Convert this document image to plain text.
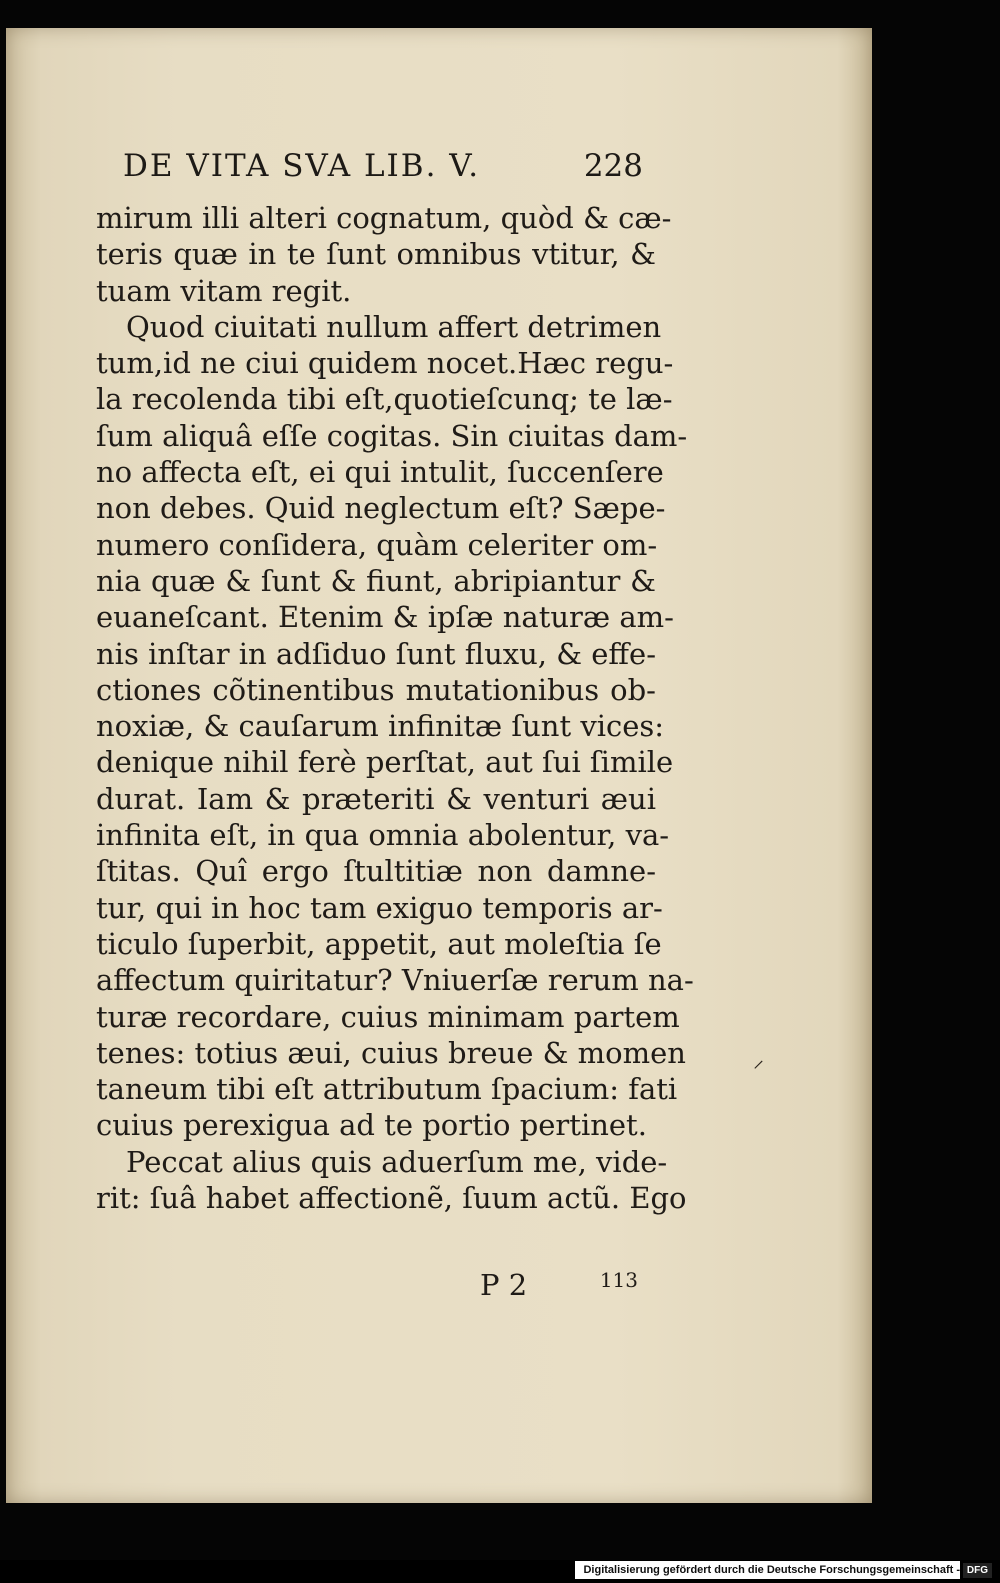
DE VITA SVA LIB. V.	228
mirum illi alteri cognatum, quòd & cæ-
teris quæ in te ſunt omnibus vtitur, &
tuam vitam regit.
Quod ciuitati nullum affert detrimen
tum,id ne ciui quidem nocet.Hæc regu-
la recolenda tibi eſt,quotieſcunq; te læ-
ſum aliquâ eſſe cogitas. Sin ciuitas dam-
no affecta eſt, ei qui intulit, ſuccenſere
non debes. Quid neglectum eſt? Sæpe-
numero conſidera, quàm celeriter om-
nia quæ & ſunt & fiunt, abripiantur &
euaneſcant. Etenim & ipſæ naturæ am-
nis inſtar in adſiduo ſunt fluxu, & effe-
ctiones cõtinentibus mutationibus ob-
noxiæ, & cauſarum infinitæ ſunt vices:
denique nihil ferè perſtat, aut ſui ſimile
durat. Iam & præteriti & venturi æui
infinita eſt, in qua omnia abolentur, va-
ſtitas. Quî ergo ſtultitiæ non damne-
tur, qui in hoc tam exiguo temporis ar-
ticulo ſuperbit, appetit, aut moleſtia ſe
affectum quiritatur? Vniuerſæ rerum na-
turæ recordare, cuius minimam partem
tenes: totius æui, cuius breue & momen
taneum tibi eſt attributum ſpacium: fati
cuius perexigua ad te portio pertinet.
Peccat alius quis aduerſum me, vide-
rit: ſuâ habet affectionẽ, ſuum actũ. Ego
P 2	113
⸝
Digitalisierung gefördert durch die Deutsche Forschungsgemeinschaft - DFG
